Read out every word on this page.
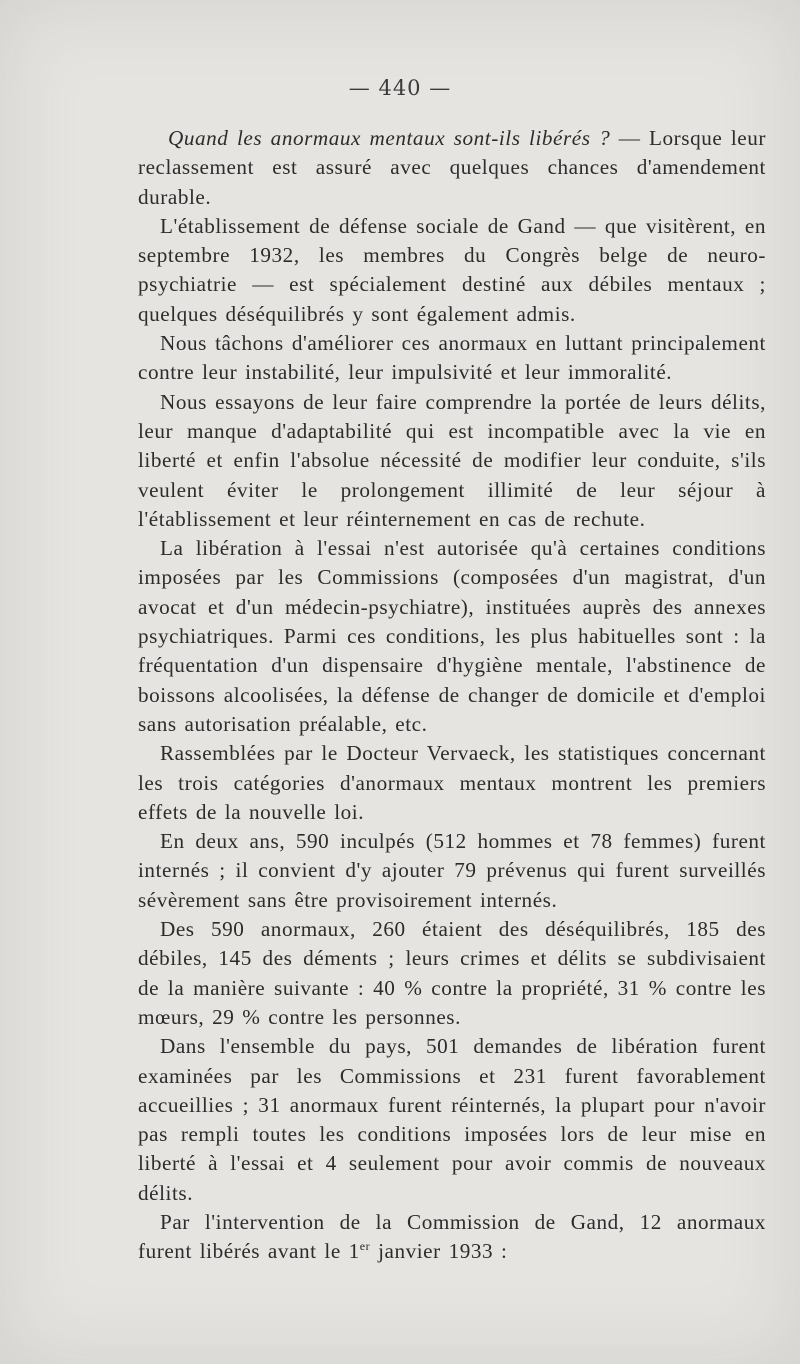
— 440 —

Quand les anormaux mentaux sont-ils libérés ? — Lorsque leur reclassement est assuré avec quelques chances d'amendement durable.

L'établissement de défense sociale de Gand — que visitèrent, en septembre 1932, les membres du Congrès belge de neuro-psychiatrie — est spécialement destiné aux débiles mentaux ; quelques déséquilibrés y sont également admis.

Nous tâchons d'améliorer ces anormaux en luttant principalement contre leur instabilité, leur impulsivité et leur immoralité.

Nous essayons de leur faire comprendre la portée de leurs délits, leur manque d'adaptabilité qui est incompatible avec la vie en liberté et enfin l'absolue nécessité de modifier leur conduite, s'ils veulent éviter le prolongement illimité de leur séjour à l'établissement et leur réinternement en cas de rechute.

La libération à l'essai n'est autorisée qu'à certaines conditions imposées par les Commissions (composées d'un magistrat, d'un avocat et d'un médecin-psychiatre), instituées auprès des annexes psychiatriques. Parmi ces conditions, les plus habituelles sont : la fréquentation d'un dispensaire d'hygiène mentale, l'abstinence de boissons alcoolisées, la défense de changer de domicile et d'emploi sans autorisation préalable, etc.

Rassemblées par le Docteur Vervaeck, les statistiques concernant les trois catégories d'anormaux mentaux montrent les premiers effets de la nouvelle loi.

En deux ans, 590 inculpés (512 hommes et 78 femmes) furent internés ; il convient d'y ajouter 79 prévenus qui furent surveillés sévèrement sans être provisoirement internés.

Des 590 anormaux, 260 étaient des déséquilibrés, 185 des débiles, 145 des déments ; leurs crimes et délits se subdivisaient de la manière suivante : 40 % contre la propriété, 31 % contre les mœurs, 29 % contre les personnes.

Dans l'ensemble du pays, 501 demandes de libération furent examinées par les Commissions et 231 furent favorablement accueillies ; 31 anormaux furent réinternés, la plupart pour n'avoir pas rempli toutes les conditions imposées lors de leur mise en liberté à l'essai et 4 seulement pour avoir commis de nouveaux délits.

Par l'intervention de la Commission de Gand, 12 anormaux furent libérés avant le 1er janvier 1933 :
